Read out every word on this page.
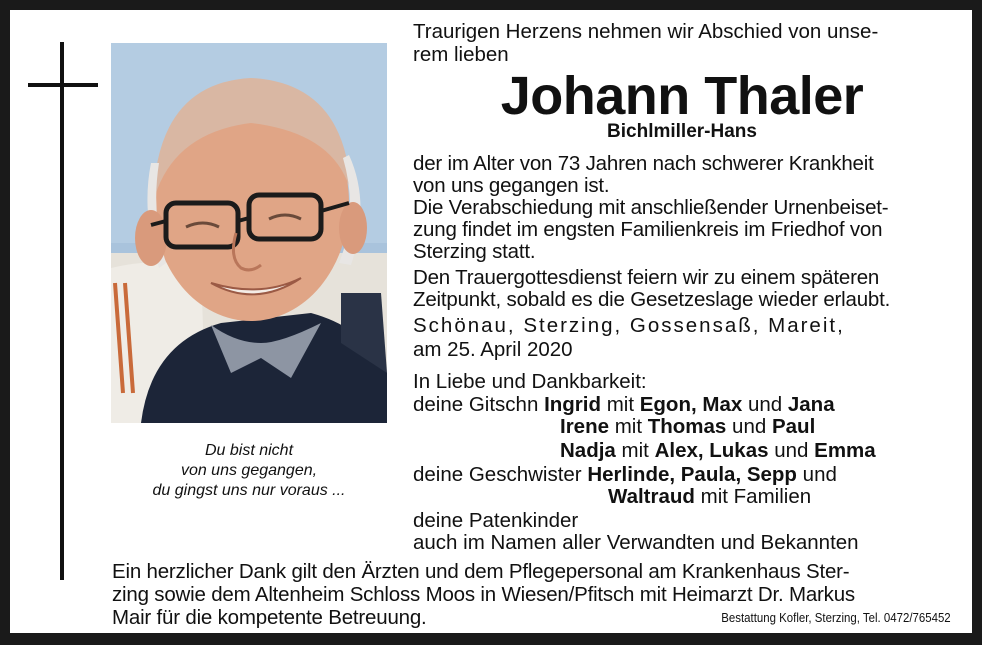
Du bist nicht
von uns gegangen,
du gingst uns nur voraus ...
Traurigen Herzens nehmen wir Abschied von unse-
rem lieben
Johann Thaler
Bichlmiller-Hans
der im Alter von 73 Jahren nach schwerer Krankheit
von uns gegangen ist.
Die Verabschiedung mit anschließender Urnenbeiset-
zung findet im engsten Familienkreis im Friedhof von
Sterzing statt.
Den Trauergottesdienst feiern wir zu einem späteren
Zeitpunkt, sobald es die Gesetzeslage wieder erlaubt.
Schönau, Sterzing, Gossensaß, Mareit,
am 25. April 2020
In Liebe und Dankbarkeit:
deine Gitschn Ingrid mit Egon, Max und Jana
Irene mit Thomas und Paul
Nadja mit Alex, Lukas und Emma
deine Geschwister Herlinde, Paula, Sepp und
Waltraud mit Familien
deine Patenkinder
auch im Namen aller Verwandten und Bekannten
Ein herzlicher Dank gilt den Ärzten und dem Pflegepersonal am Krankenhaus Ster-
zing sowie dem Altenheim Schloss Moos in Wiesen/Pfitsch mit Heimarzt Dr. Markus
Mair für die kompetente Betreuung.	Bestattung Kofler, Sterzing, Tel. 0472/765452
